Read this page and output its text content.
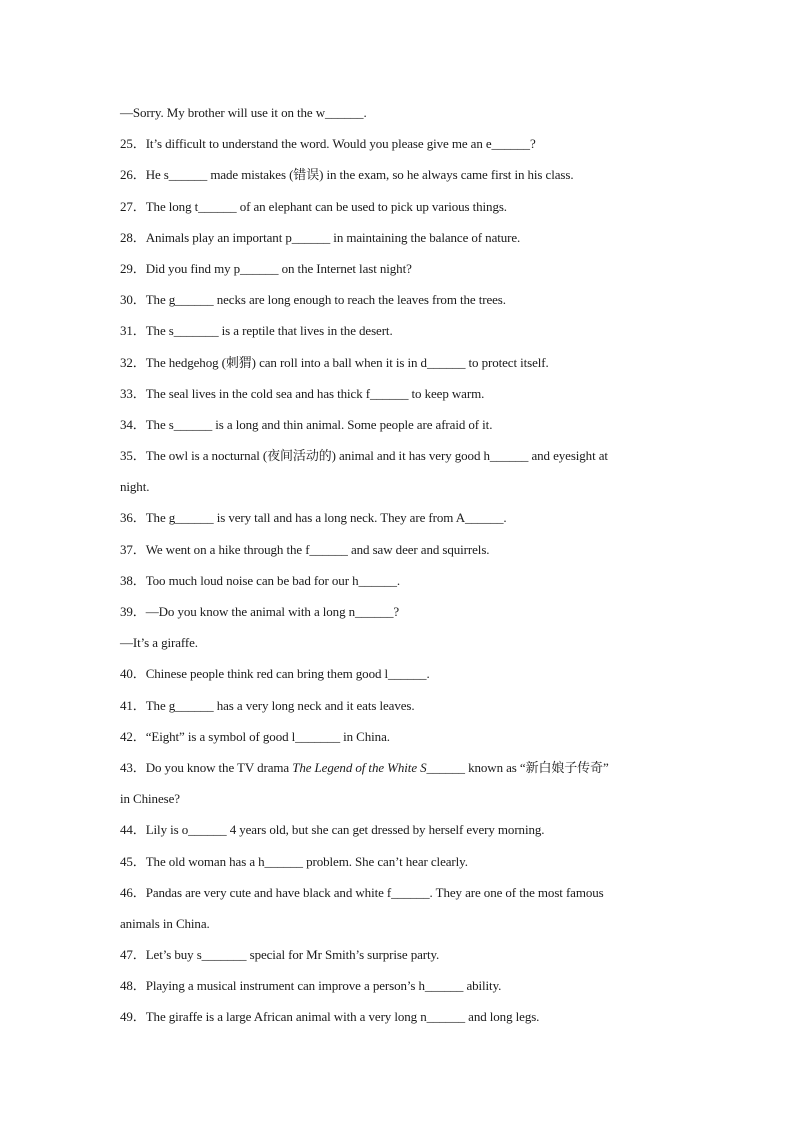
—Sorry. My brother will use it on the w______.
25．It’s difficult to understand the word. Would you please give me an e______?
26．He s______ made mistakes (错误) in the exam, so he always came first in his class.
27．The long t______ of an elephant can be used to pick up various things.
28．Animals play an important p______ in maintaining the balance of nature.
29．Did you find my p______ on the Internet last night?
30．The g______ necks are long enough to reach the leaves from the trees.
31．The s_______ is a reptile that lives in the desert.
32．The hedgehog (刺猬) can roll into a ball when it is in d______ to protect itself.
33．The seal lives in the cold sea and has thick f______ to keep warm.
34．The s______ is a long and thin animal. Some people are afraid of it.
35．The owl is a nocturnal (夜间活动的) animal and it has very good h______ and eyesight at
night.
36．The g______ is very tall and has a long neck. They are from A______.
37．We went on a hike through the f______ and saw deer and squirrels.
38．Too much loud noise can be bad for our h______.
39．—Do you know the animal with a long n______?
—It’s a giraffe.
40．Chinese people think red can bring them good l______.
41．The g______ has a very long neck and it eats leaves.
42．“Eight” is a symbol of good l_______ in China.
43．Do you know the TV drama The Legend of the White S______ known as “新白娘子传奇”
in Chinese?
44．Lily is o______ 4 years old, but she can get dressed by herself every morning.
45．The old woman has a h______ problem. She can’t hear clearly.
46．Pandas are very cute and have black and white f______. They are one of the most famous
animals in China.
47．Let’s buy s_______ special for Mr Smith’s surprise party.
48．Playing a musical instrument can improve a person’s h______ ability.
49．The giraffe is a large African animal with a very long n______ and long legs.
